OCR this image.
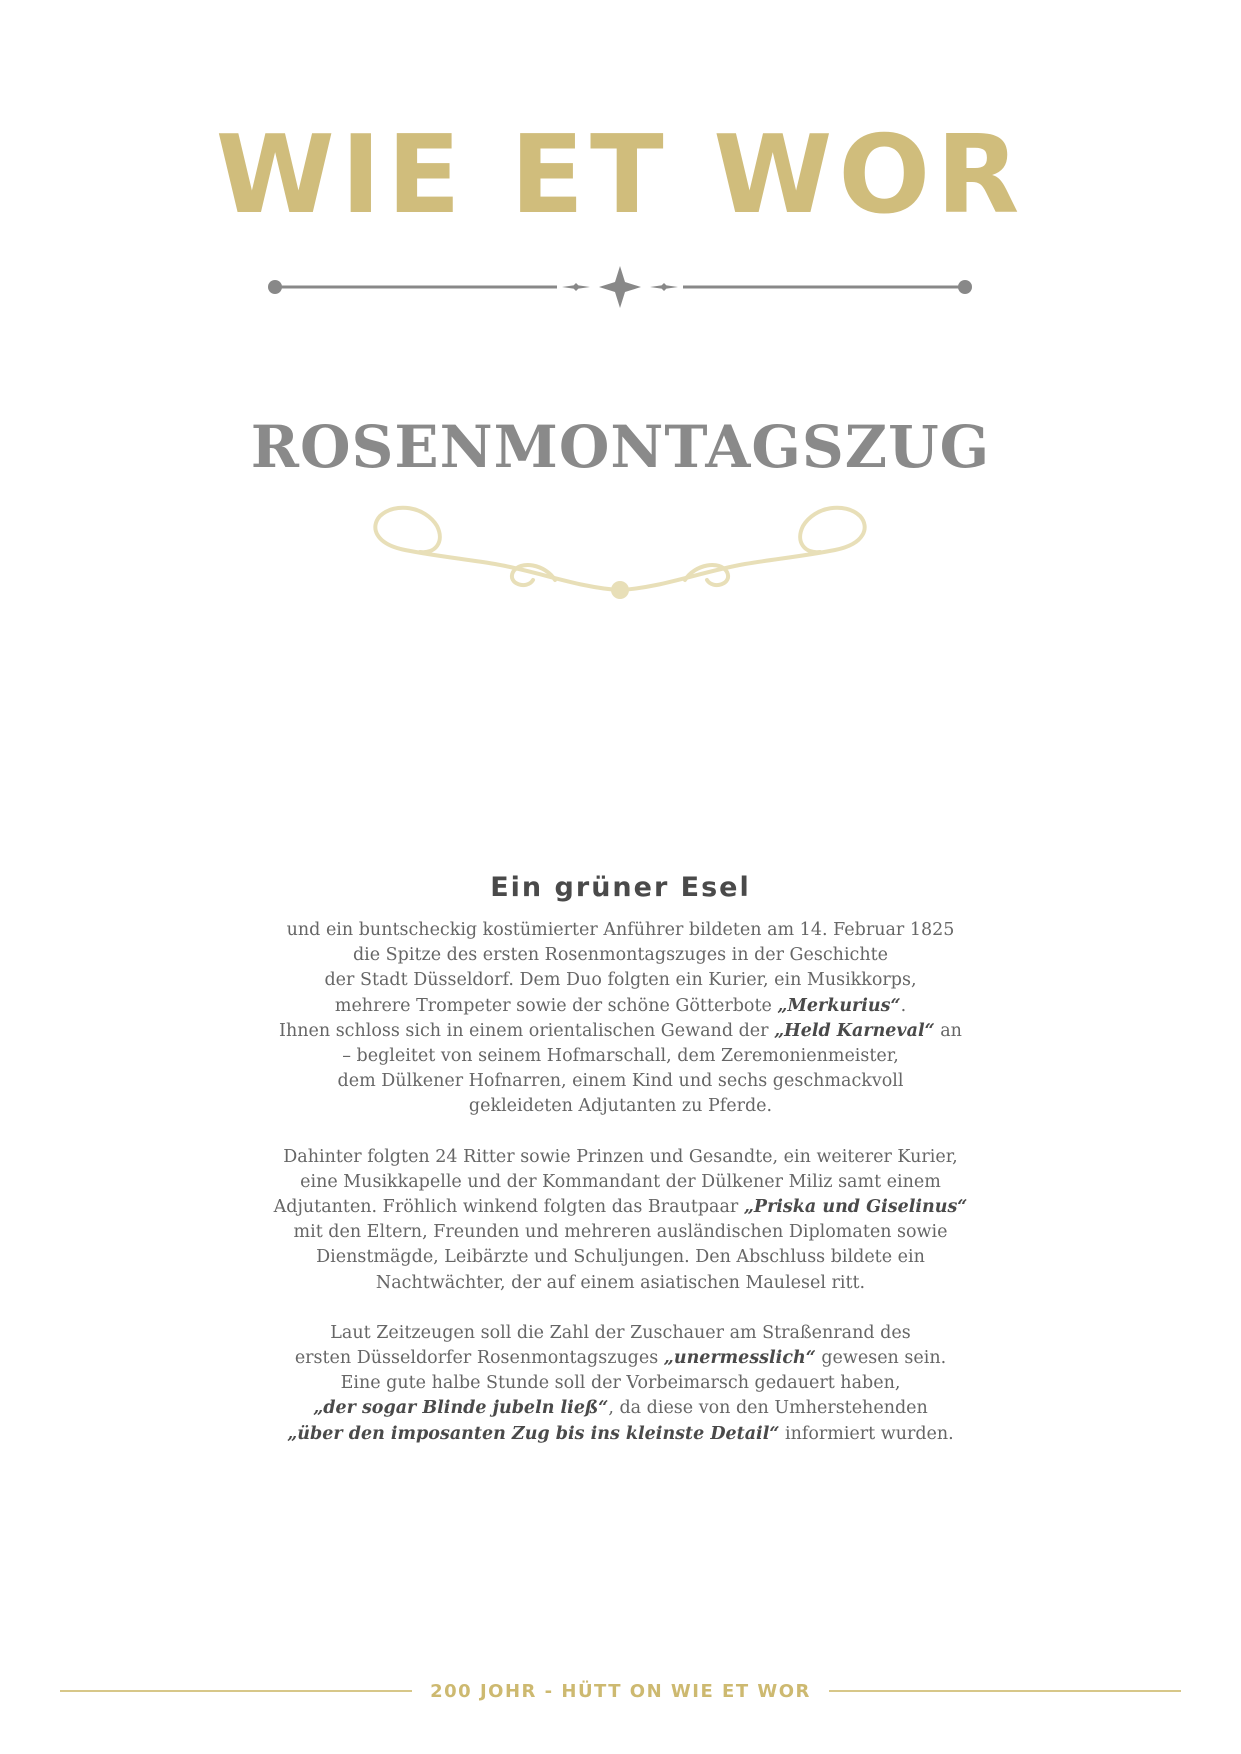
WIE ET WOR
ROSENMONTAGSZUG
Ein grüner Esel

und ein buntscheckig kostümierter Anführer bildeten am 14. Februar 1825
die Spitze des ersten Rosenmontagszuges in der Geschichte
der Stadt Düsseldorf. Dem Duo folgten ein Kurier, ein Musikkorps,
mehrere Trompeter sowie der schöne Götterbote „Merkurius“.
Ihnen schloss sich in einem orientalischen Gewand der „Held Karneval“ an
– begleitet von seinem Hofmarschall, dem Zeremonienmeister,
dem Dülkener Hofnarren, einem Kind und sechs geschmackvoll
gekleideten Adjutanten zu Pferde.

Dahinter folgten 24 Ritter sowie Prinzen und Gesandte, ein weiterer Kurier,
eine Musikkapelle und der Kommandant der Dülkener Miliz samt einem
Adjutanten. Fröhlich winkend folgten das Brautpaar „Priska und Giselinus“
mit den Eltern, Freunden und mehreren ausländischen Diplomaten sowie
Dienstmägde, Leibärzte und Schuljungen. Den Abschluss bildete ein
Nachtwächter, der auf einem asiatischen Maulesel ritt.

Laut Zeitzeugen soll die Zahl der Zuschauer am Straßenrand des
ersten Düsseldorfer Rosenmontagszuges „unermesslich“ gewesen sein.
Eine gute halbe Stunde soll der Vorbeimarsch gedauert haben,
„der sogar Blinde jubeln ließ“, da diese von den Umherstehenden
„über den imposanten Zug bis ins kleinste Detail“ informiert wurden.

200 JOHR - HÜTT ON WIE ET WOR
